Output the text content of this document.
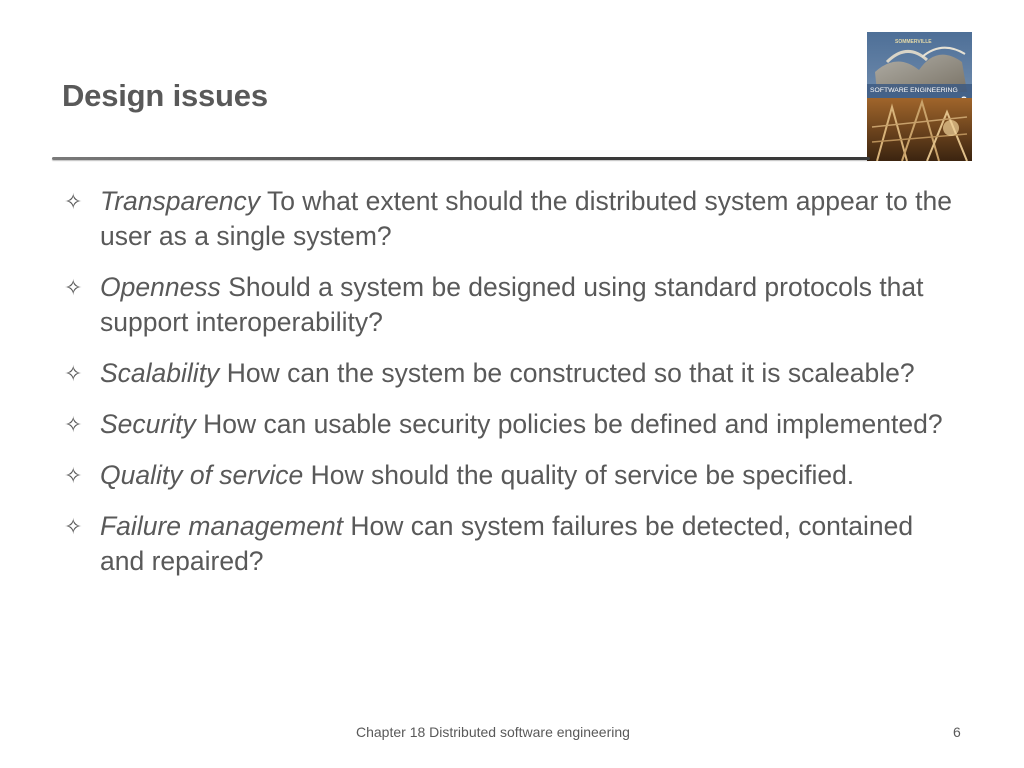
Design issues	SOFTWARE ENGINEERING
SOMMERVILLE
✧ Transparency To what extent should the distributed system appear to the user as a single system?
✧ Openness Should a system be designed using standard protocols that support interoperability?
✧ Scalability How can the system be constructed so that it is scaleable?
✧ Security How can usable security policies be defined and implemented?
✧ Quality of service How should the quality of service be specified.
✧ Failure management How can system failures be detected, contained and repaired?
Chapter 18 Distributed software engineering	6
